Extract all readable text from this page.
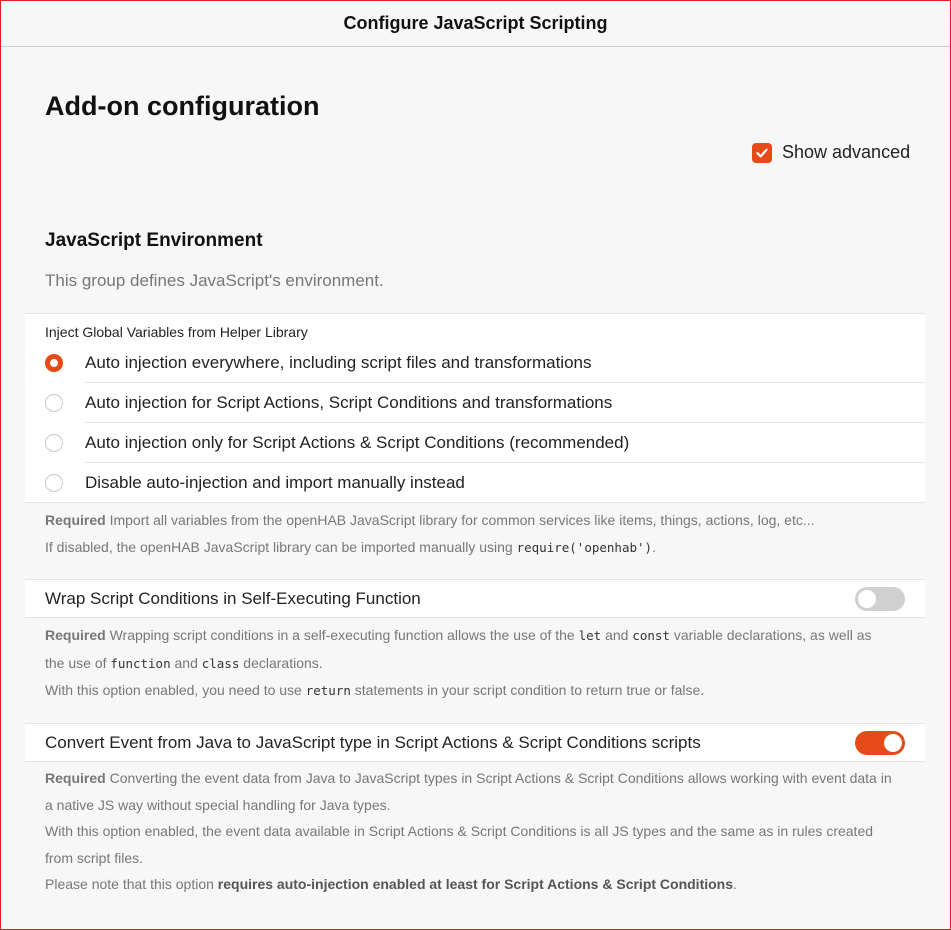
Configure JavaScript Scripting
Add-on configuration
Show advanced
JavaScript Environment
This group defines JavaScript's environment.
Inject Global Variables from Helper Library
Auto injection everywhere, including script files and transformations
Auto injection for Script Actions, Script Conditions and transformations
Auto injection only for Script Actions & Script Conditions (recommended)
Disable auto-injection and import manually instead
Required Import all variables from the openHAB JavaScript library for common services like items, things, actions, log, etc...
If disabled, the openHAB JavaScript library can be imported manually using require('openhab').
Wrap Script Conditions in Self-Executing Function
Required Wrapping script conditions in a self-executing function allows the use of the let and const variable declarations, as well as
the use of function and class declarations.
With this option enabled, you need to use return statements in your script condition to return true or false.
Convert Event from Java to JavaScript type in Script Actions & Script Conditions scripts
Required Converting the event data from Java to JavaScript types in Script Actions & Script Conditions allows working with event data in
a native JS way without special handling for Java types.
With this option enabled, the event data available in Script Actions & Script Conditions is all JS types and the same as in rules created
from script files.
Please note that this option requires auto-injection enabled at least for Script Actions & Script Conditions.
